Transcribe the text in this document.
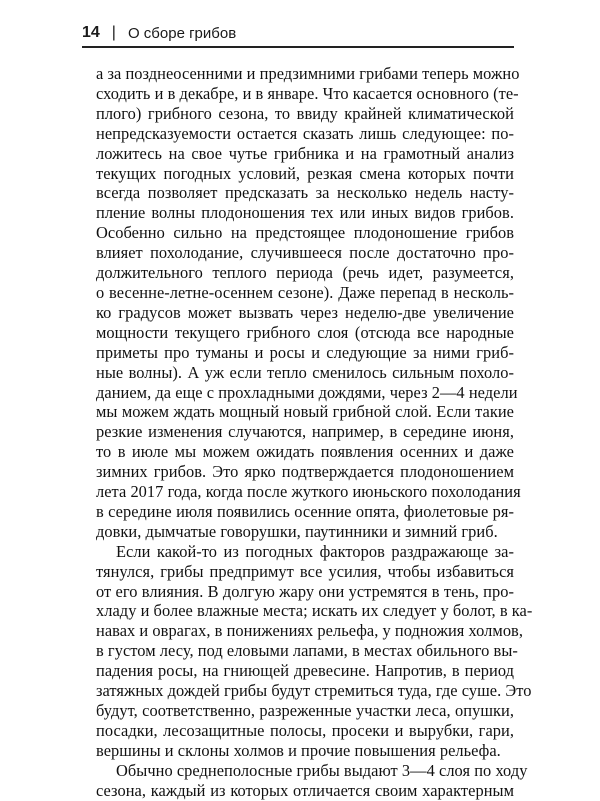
14 | О сборе грибов
а за позднеосенними и предзимними грибами теперь можно
сходить и в декабре, и в январе. Что касается основного (те-
плого) грибного сезона, то ввиду крайней климатической
непредсказуемости остается сказать лишь следующее: по-
ложитесь на свое чутье грибника и на грамотный анализ
текущих погодных условий, резкая смена которых почти
всегда позволяет предсказать за несколько недель насту-
пление волны плодоношения тех или иных видов грибов.
Особенно сильно на предстоящее плодоношение грибов
влияет похолодание, случившееся после достаточно про-
должительного теплого периода (речь идет, разумеется,
о весенне-летне-осеннем сезоне). Даже перепад в несколь-
ко градусов может вызвать через неделю-две увеличение
мощности текущего грибного слоя (отсюда все народные
приметы про туманы и росы и следующие за ними гриб-
ные волны). А уж если тепло сменилось сильным похоло-
данием, да еще с прохладными дождями, через 2—4 недели
мы можем ждать мощный новый грибной слой. Если такие
резкие изменения случаются, например, в середине июня,
то в июле мы можем ожидать появления осенних и даже
зимних грибов. Это ярко подтверждается плодоношением
лета 2017 года, когда после жуткого июньского похолодания
в середине июля появились осенние опята, фиолетовые ря-
довки, дымчатые говорушки, паутинники и зимний гриб.
Если какой-то из погодных факторов раздражающе за-
тянулся, грибы предпримут все усилия, чтобы избавиться
от его влияния. В долгую жару они устремятся в тень, про-
хладу и более влажные места; искать их следует у болот, в ка-
навах и оврагах, в понижениях рельефа, у подножия холмов,
в густом лесу, под еловыми лапами, в местах обильного вы-
падения росы, на гниющей древесине. Напротив, в период
затяжных дождей грибы будут стремиться туда, где суше. Это
будут, соответственно, разреженные участки леса, опушки,
посадки, лесозащитные полосы, просеки и вырубки, гари,
вершины и склоны холмов и прочие повышения рельефа.
Обычно среднеполосные грибы выдают 3—4 слоя по ходу
сезона, каждый из которых отличается своим характерным
